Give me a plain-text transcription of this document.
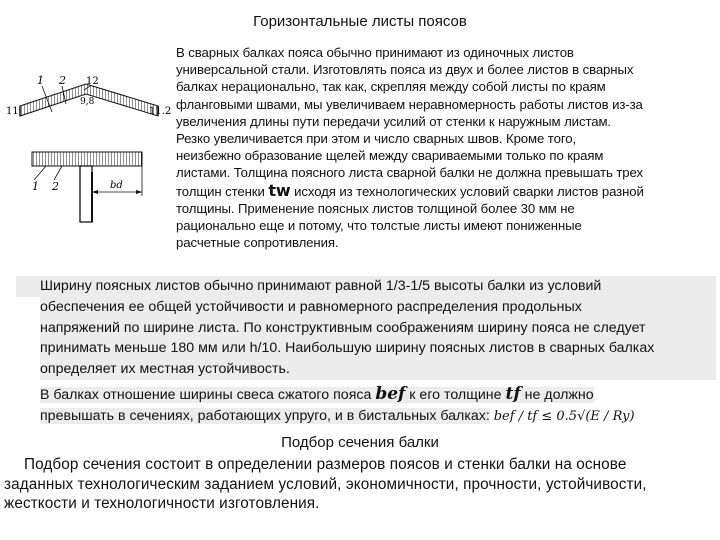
Горизонтальные листы поясов
1 2 12
9,8
11	11.2
1 2	bd
В сварных балках пояса обычно принимают из одиночных листов
универсальной стали. Изготовлять пояса из двух и более листов в сварных
балках нерационально, так как, скрепляя между собой листы по краям
фланговыми швами, мы увеличиваем неравномерность работы листов из-за
увеличения длины пути передачи усилий от стенки к наружным листам.
Резко увеличивается при этом и число сварных швов. Кроме того,
неизбежно образование щелей между свариваемыми только по краям
листами. Толщина поясного листа сварной балки не должна превышать трех
толщин стенки tw исходя из технологических условий сварки листов разной
толщины. Применение поясных листов толщиной более 30 мм не
рационально еще и потому, что толстые листы имеют пониженные
расчетные сопротивления.
Ширину поясных листов обычно принимают равной 1/3-1/5 высоты балки из условий
обеспечения ее общей устойчивости и равномерного распределения продольных
напряжений по ширине листа. По конструктивным соображениям ширину пояса не следует
принимать меньше 180 мм или h/10. Наибольшую ширину поясных листов в сварных балках
определяет их местная устойчивость.
В балках отношение ширины свеса сжатого пояса bef к его толщине tf не должно
превышать в сечениях, работающих упруго, и в бистальных балках: bef / tf ≤ 0.5√(E / Ry)
Подбор сечения балки
Подбор сечения состоит в определении размеров поясов и стенки балки на основе
заданных технологическим заданием условий, экономичности, прочности, устойчивости,
жесткости и технологичности изготовления.
